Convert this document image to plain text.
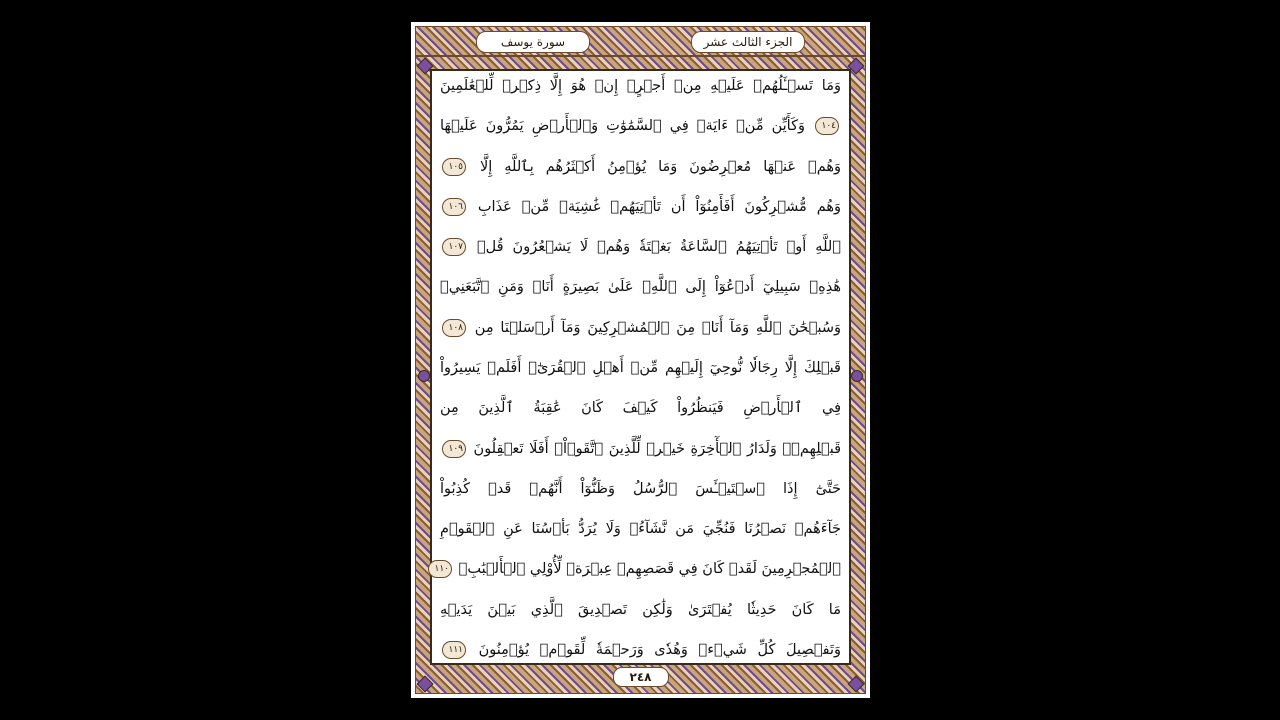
سورة يوسف	الجزء الثالث عشر
وَمَا تَسۡـَٔلُهُمۡ عَلَيۡهِ مِنۡ أَجۡرٍۚ إِنۡ هُوَ إِلَّا ذِكۡرٞ لِّلۡعَٰلَمِينَ
١٠٤ وَكَأَيِّن مِّنۡ ءَايَةٖ فِي ٱلسَّمَٰوَٰتِ وَٱلۡأَرۡضِ يَمُرُّونَ عَلَيۡهَا
وَهُمۡ عَنۡهَا مُعۡرِضُونَ وَمَا يُؤۡمِنُ أَكۡثَرُهُم بِٱللَّهِ إِلَّا ١٠٥
وَهُم مُّشۡرِكُونَ أَفَأَمِنُوٓاْ أَن تَأۡتِيَهُمۡ غَٰشِيَةٞ مِّنۡ عَذَابِ ١٠٦
ٱللَّهِ أَوۡ تَأۡتِيَهُمُ ٱلسَّاعَةُ بَغۡتَةٗ وَهُمۡ لَا يَشۡعُرُونَ قُلۡ ١٠٧
هَٰذِهِۦ سَبِيلِيٓ أَدۡعُوٓاْ إِلَى ٱللَّهِۚ عَلَىٰ بَصِيرَةٍ أَنَا۠ وَمَنِ ٱتَّبَعَنِيۖ
وَسُبۡحَٰنَ ٱللَّهِ وَمَآ أَنَا۠ مِنَ ٱلۡمُشۡرِكِينَ وَمَآ أَرۡسَلۡنَا مِن ١٠٨
قَبۡلِكَ إِلَّا رِجَالٗا نُّوحِيٓ إِلَيۡهِم مِّنۡ أَهۡلِ ٱلۡقُرَىٰٓۗ أَفَلَمۡ يَسِيرُواْ
فِي ٱلۡأَرۡضِ فَيَنظُرُواْ كَيۡفَ كَانَ عَٰقِبَةُ ٱلَّذِينَ مِن
قَبۡلِهِمۡۗ وَلَدَارُ ٱلۡأٓخِرَةِ خَيۡرٞ لِّلَّذِينَ ٱتَّقَوۡاْۚ أَفَلَا تَعۡقِلُونَ ١٠٩
حَتَّىٰٓ إِذَا ٱسۡتَيۡـَٔسَ ٱلرُّسُلُ وَظَنُّوٓاْ أَنَّهُمۡ قَدۡ كُذِبُواْ
جَآءَهُمۡ نَصۡرُنَا فَنُجِّيَ مَن نَّشَآءُۖ وَلَا يُرَدُّ بَأۡسُنَا عَنِ ٱلۡقَوۡمِ
ٱلۡمُجۡرِمِينَ لَقَدۡ كَانَ فِي قَصَصِهِمۡ عِبۡرَةٞ لِّأُوْلِي ٱلۡأَلۡبَٰبِۗ ١١٠
مَا كَانَ حَدِيثٗا يُفۡتَرَىٰ وَلَٰكِن تَصۡدِيقَ ٱلَّذِي بَيۡنَ يَدَيۡهِ
وَتَفۡصِيلَ كُلِّ شَيۡءٖ وَهُدٗى وَرَحۡمَةٗ لِّقَوۡمٖ يُؤۡمِنُونَ ١١١
٢٤٨
